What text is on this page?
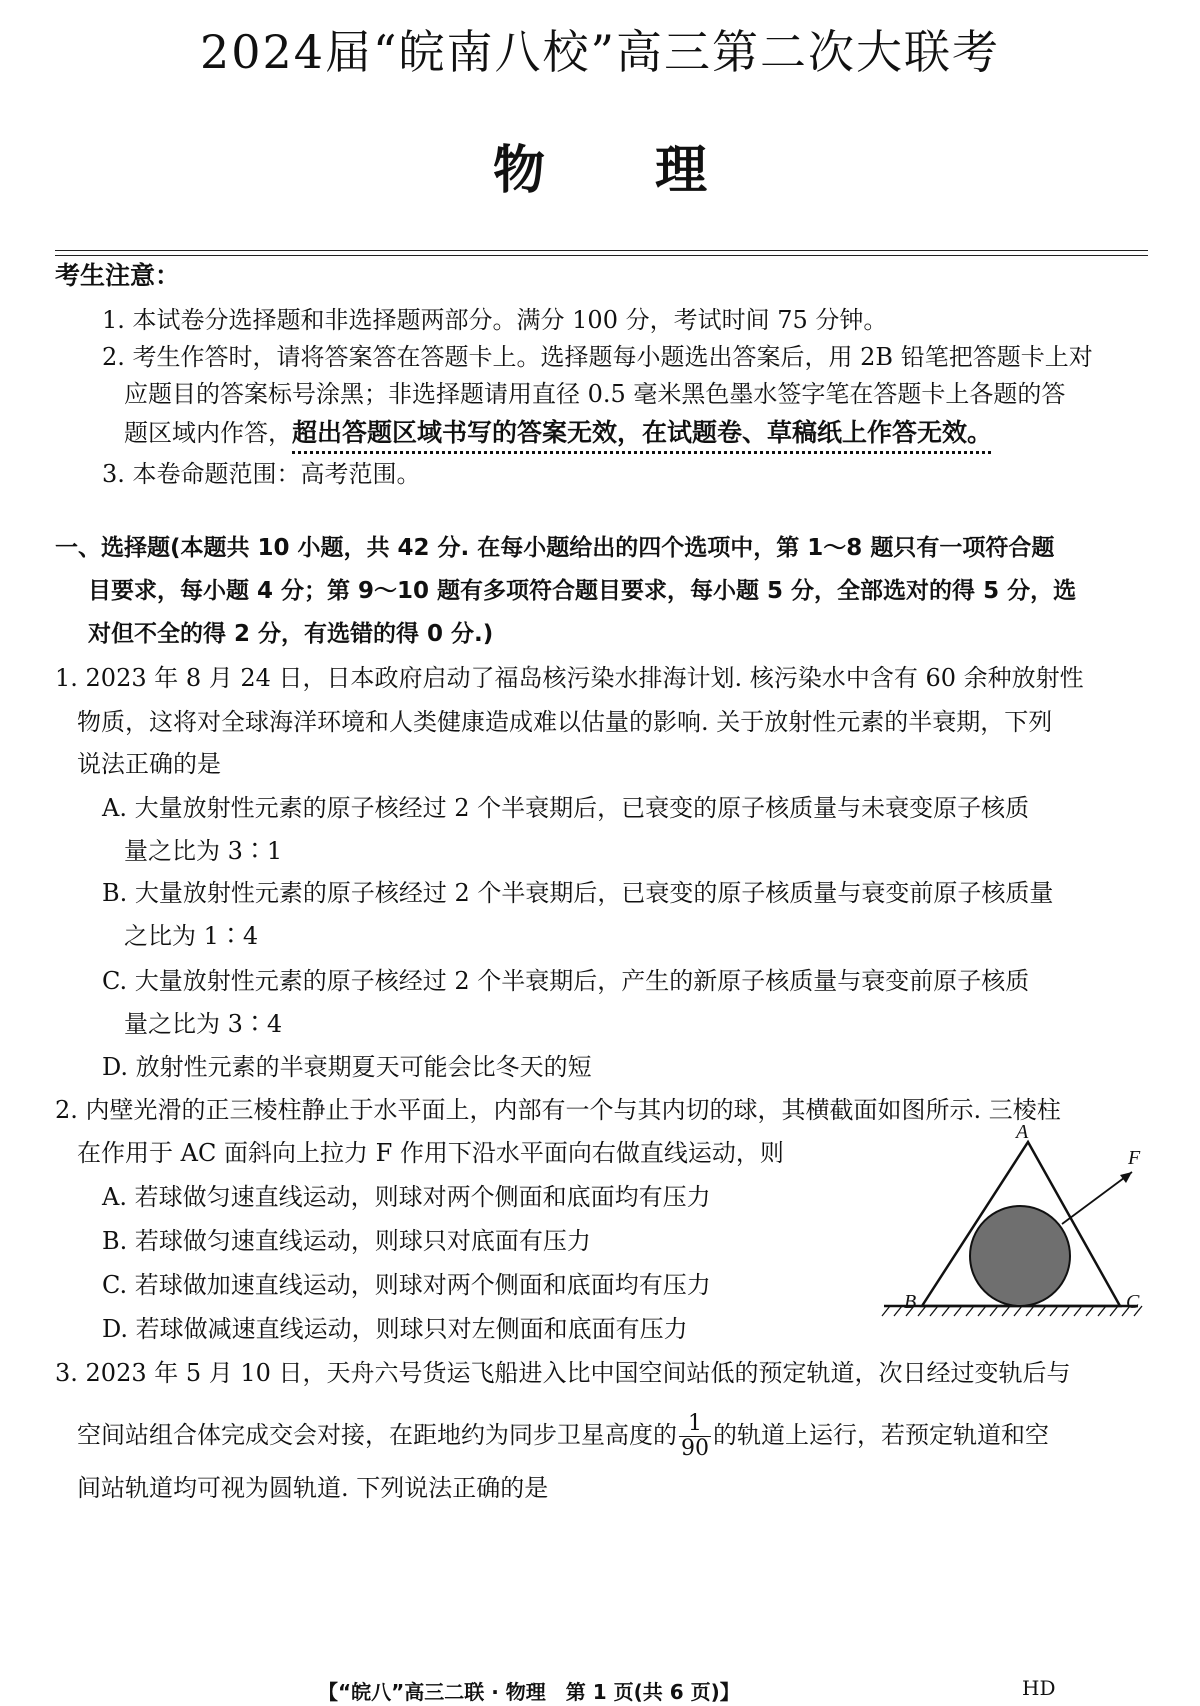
2024届“皖南八校”高三第二次大联考
物 理
考生注意：
1. 本试卷分选择题和非选择题两部分。满分 100 分，考试时间 75 分钟。
2. 考生作答时，请将答案答在答题卡上。选择题每小题选出答案后，用 2B 铅笔把答题卡上对
应题目的答案标号涂黑；非选择题请用直径 0.5 毫米黑色墨水签字笔在答题卡上各题的答
题区域内作答，超出答题区域书写的答案无效，在试题卷、草稿纸上作答无效。
3. 本卷命题范围：高考范围。
一、选择题(本题共 10 小题，共 42 分. 在每小题给出的四个选项中，第 1～8 题只有一项符合题
目要求，每小题 4 分；第 9～10 题有多项符合题目要求，每小题 5 分，全部选对的得 5 分，选
对但不全的得 2 分，有选错的得 0 分.)
1. 2023 年 8 月 24 日，日本政府启动了福岛核污染水排海计划. 核污染水中含有 60 余种放射性
物质，这将对全球海洋环境和人类健康造成难以估量的影响. 关于放射性元素的半衰期，下列
说法正确的是
A. 大量放射性元素的原子核经过 2 个半衰期后，已衰变的原子核质量与未衰变原子核质
量之比为 3∶1
B. 大量放射性元素的原子核经过 2 个半衰期后，已衰变的原子核质量与衰变前原子核质量
之比为 1∶4
C. 大量放射性元素的原子核经过 2 个半衰期后，产生的新原子核质量与衰变前原子核质
量之比为 3∶4
D. 放射性元素的半衰期夏天可能会比冬天的短
2. 内壁光滑的正三棱柱静止于水平面上，内部有一个与其内切的球，其横截面如图所示. 三棱柱
在作用于 AC 面斜向上拉力 F 作用下沿水平面向右做直线运动，则
A. 若球做匀速直线运动，则球对两个侧面和底面均有压力
B. 若球做匀速直线运动，则球只对底面有压力
C. 若球做加速直线运动，则球对两个侧面和底面均有压力
D. 若球做减速直线运动，则球只对左侧面和底面有压力
A
B	C
F
3. 2023 年 5 月 10 日，天舟六号货运飞船进入比中国空间站低的预定轨道，次日经过变轨后与
空间站组合体完成交会对接，在距地约为同步卫星高度的 $\frac{1}{90}$ 的轨道上运行，若预定轨道和空
间站轨道均可视为圆轨道. 下列说法正确的是
【“皖八”高三二联 · 物理　第 1 页(共 6 页)】	HD
